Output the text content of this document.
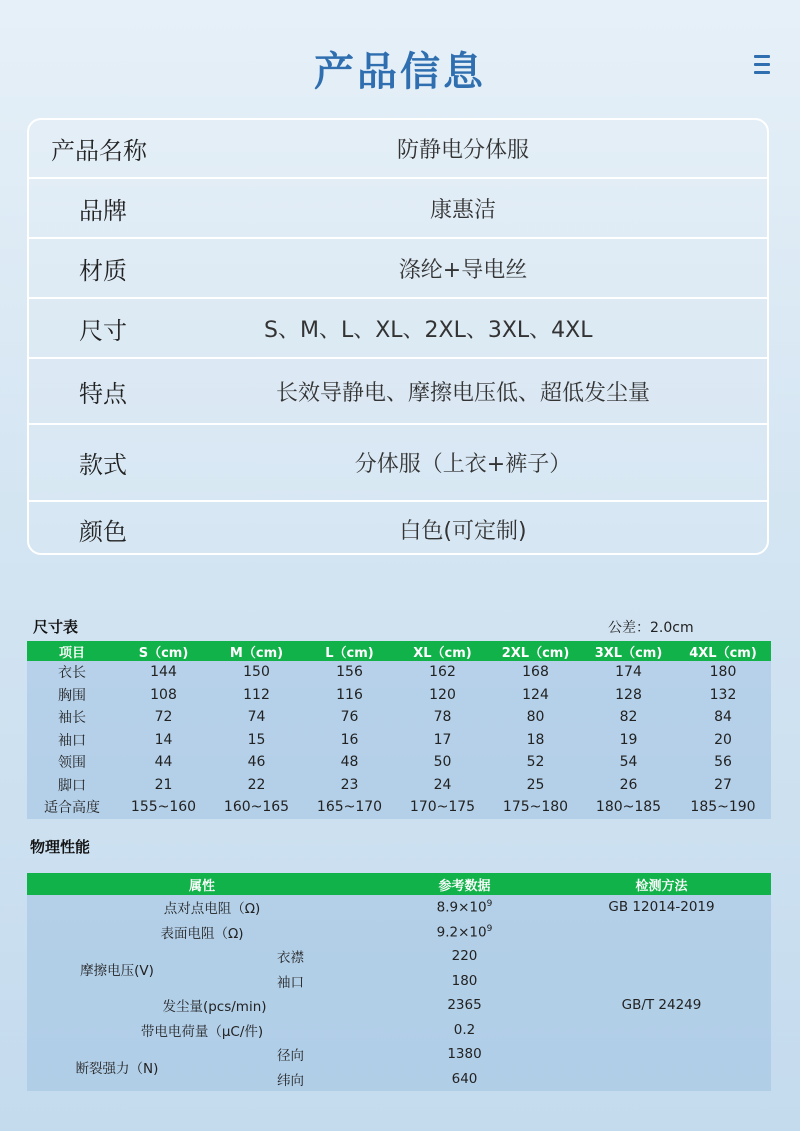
产品信息
产品名称	防静电分体服
品牌	康惠洁
材质	涤纶+导电丝
尺寸	S、M、L、XL、2XL、3XL、4XL
特点	长效导静电、摩擦电压低、超低发尘量
款式	分体服（上衣+裤子）
颜色	白色(可定制)
尺寸表	公差：2.0cm
项目	S（cm)	M（cm)	L（cm)	XL（cm)	2XL（cm)	3XL（cm)	4XL（cm)
衣长	144	150	156	162	168	174	180
胸围	108	112	116	120	124	128	132
袖长	72	74	76	78	80	82	84
袖口	14	15	16	17	18	19	20
领围	44	46	48	50	52	54	56
脚口	21	22	23	24	25	26	27
适合高度	155~160	160~165	165~170	170~175	175~180	180~185	185~190
物理性能
属性		参考数据	检测方法
点对点电阻（Ω)		$8.9\times 10^9$	GB 12014-2019
表面电阻（Ω)		$9.2\times 10^9$
摩擦电压(V)	衣襟	220	
	袖口	180	
发尘量(pcs/min)		2365	GB/T 24249
带电电荷量（μC/件)		0.2	
断裂强力（N)	径向	1380	
	纬向	640	
